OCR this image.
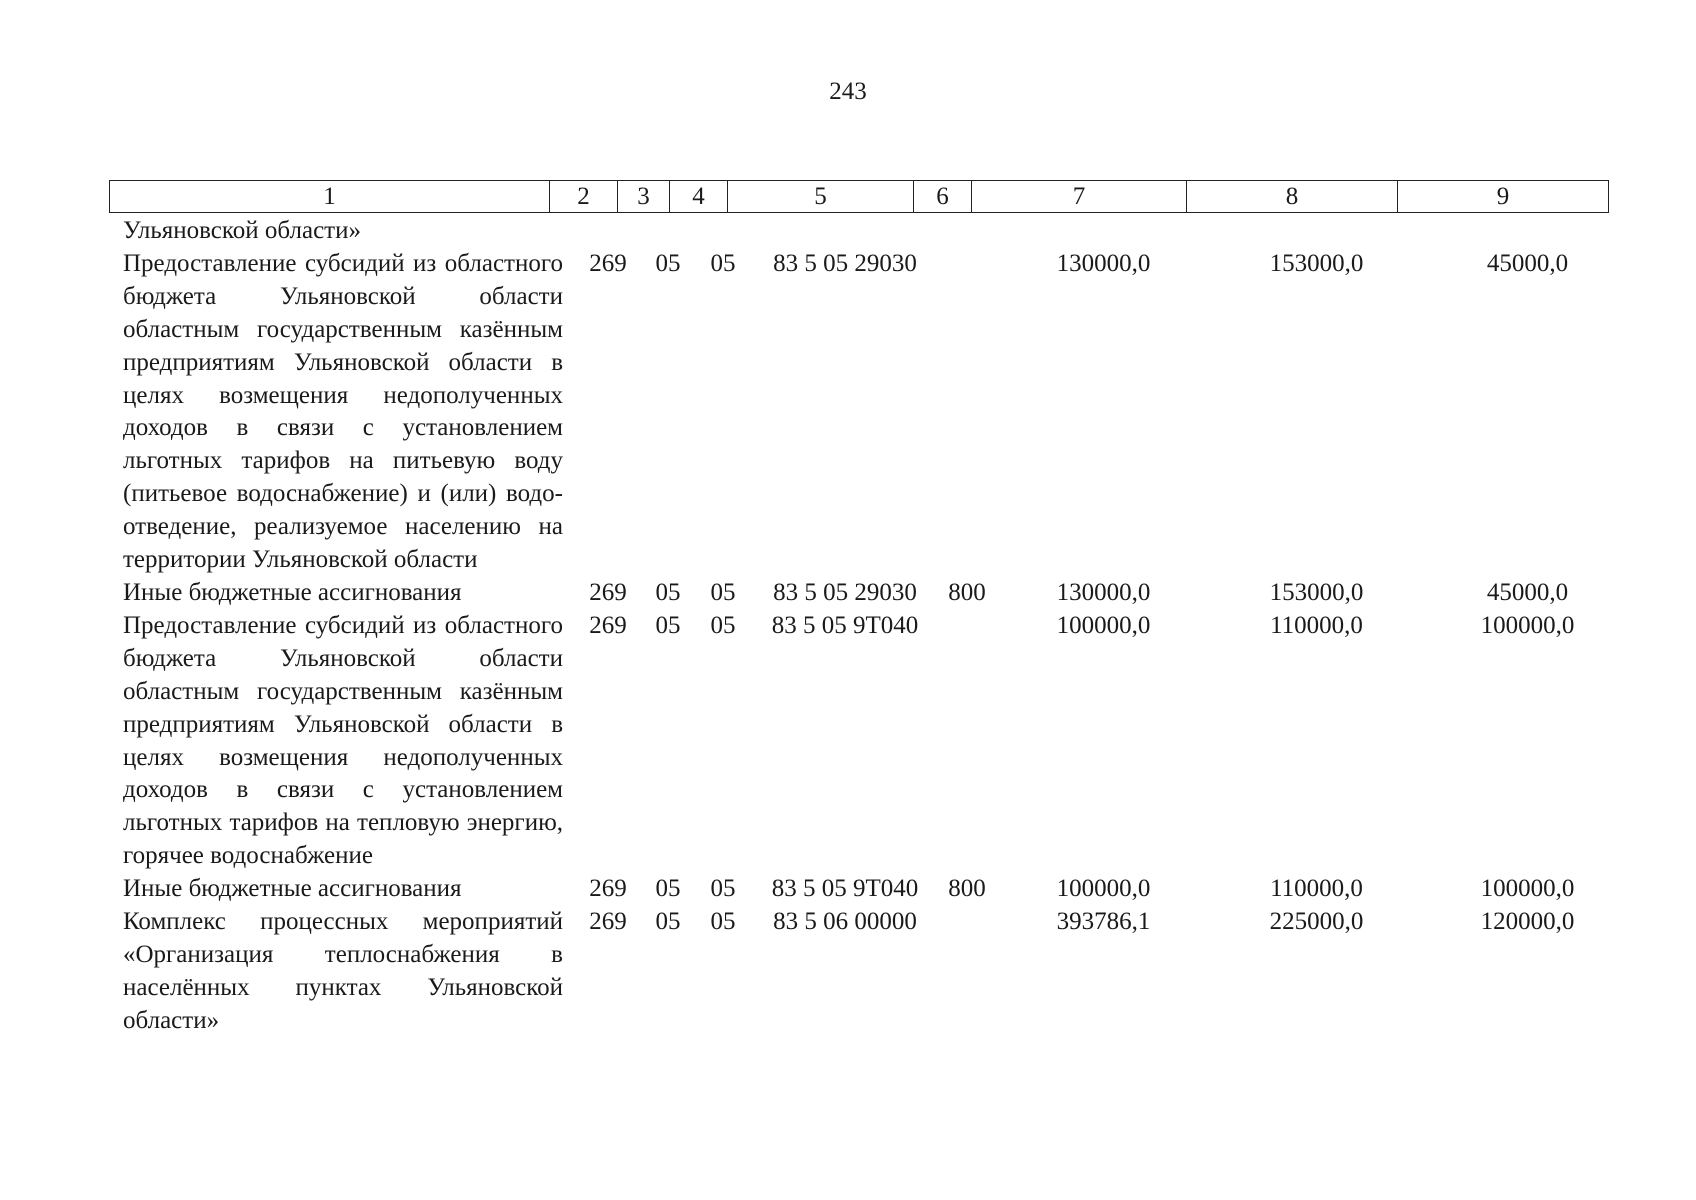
243
1	2	3	4	5	6	7	8	9
Ульяновской области»								
Предоставление субсидий из областного бюджета Ульяновской области областным государственным казённым предприятиям Ульяновской области в целях возмещения недополученных доходов в связи с установлением льготных тарифов на питьевую воду (питьевое водоснабжение) и (или) водоотведение, реализуемое населению на территории Ульяновской области	269	05	05	83 5 05 29030		130000,0	153000,0	45000,0
Иные бюджетные ассигнования	269	05	05	83 5 05 29030	800	130000,0	153000,0	45000,0
Предоставление субсидий из областного бюджета Ульяновской области областным государственным казённым предприятиям Ульяновской области в целях возмещения недополученных доходов в связи с установлением льготных тарифов на тепловую энергию, горячее водоснабжение	269	05	05	83 5 05 9Т040		100000,0	110000,0	100000,0
Иные бюджетные ассигнования	269	05	05	83 5 05 9Т040	800	100000,0	110000,0	100000,0
Комплекс процессных мероприятий «Организация теплоснабжения в населённых пунктах Ульяновской области»	269	05	05	83 5 06 00000		393786,1	225000,0	120000,0
